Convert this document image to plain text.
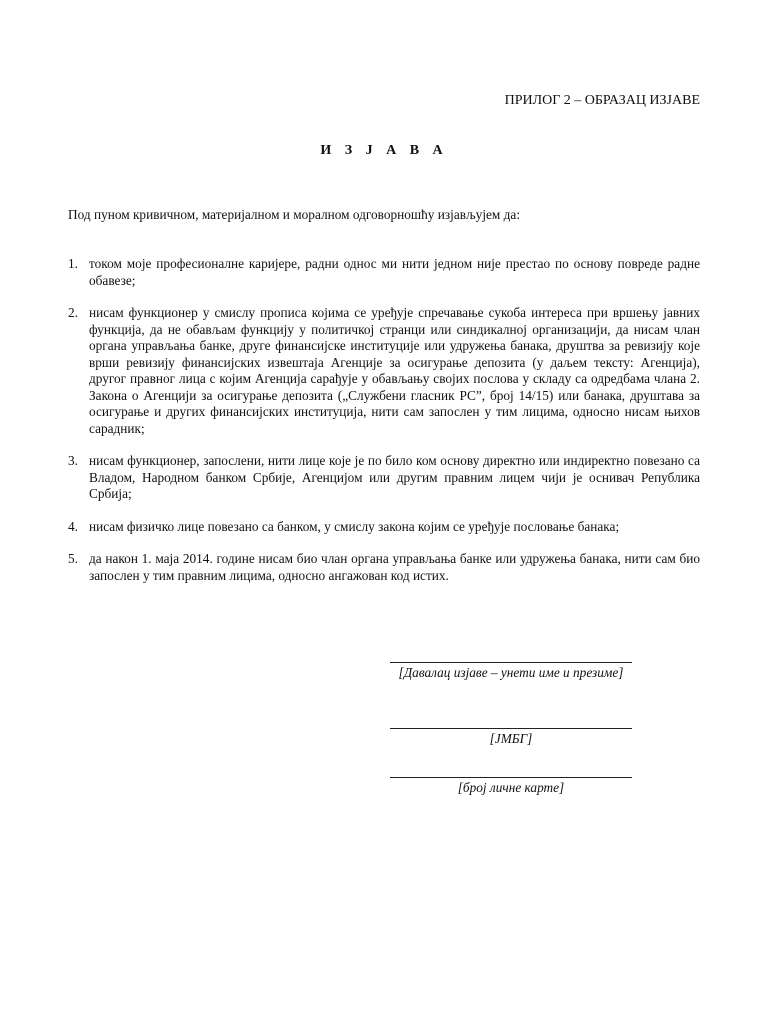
ПРИЛОГ 2 – ОБРАЗАЦ ИЗЈАВЕ
И З Ј А В А
Под пуном кривичном, материјалном и моралном одговорношћу изјављујем да:
1. током моје професионалне каријере, радни однос ми нити једном није престао по основу повреде радне обавезе;
2. нисам функционер у смислу прописа којима се уређује спречавање сукоба интереса при вршењу јавних функција, да не обављам функцију у политичкој странци или синдикалној организацији, да нисам члан органа управљања банке, друге финансијске институције или удружења банака, друштва за ревизију које врши ревизију финансијских извештаја Агенције за осигурање депозита (у даљем тексту: Агенција), другог правног лица с којим Агенција сарађује у обављању својих послова у складу са одредбама члана 2. Закона о Агенцији за осигурање депозита („Службени гласник РС”, број 14/15) или банака, друштава за осигурање и других финансијских институција, нити сам запослен у тим лицима, односно нисам њихов сарадник;
3. нисам функционер, запослени, нити лице које је по било ком основу директно или индиректно повезано са Владом, Народном банком Србије, Агенцијом или другим правним лицем чији је оснивач Република Србија;
4. нисам физичко лице повезано са банком, у смислу закона којим се уређује пословање банака;
5. да након 1. маја 2014. године нисам био члан органа управљања банке или удружења банака, нити сам био запослен у тим правним лицима, односно ангажован код истих.
[Давалац изјаве – унети име и презиме]
[ЈМБГ]
[број личне карте]
